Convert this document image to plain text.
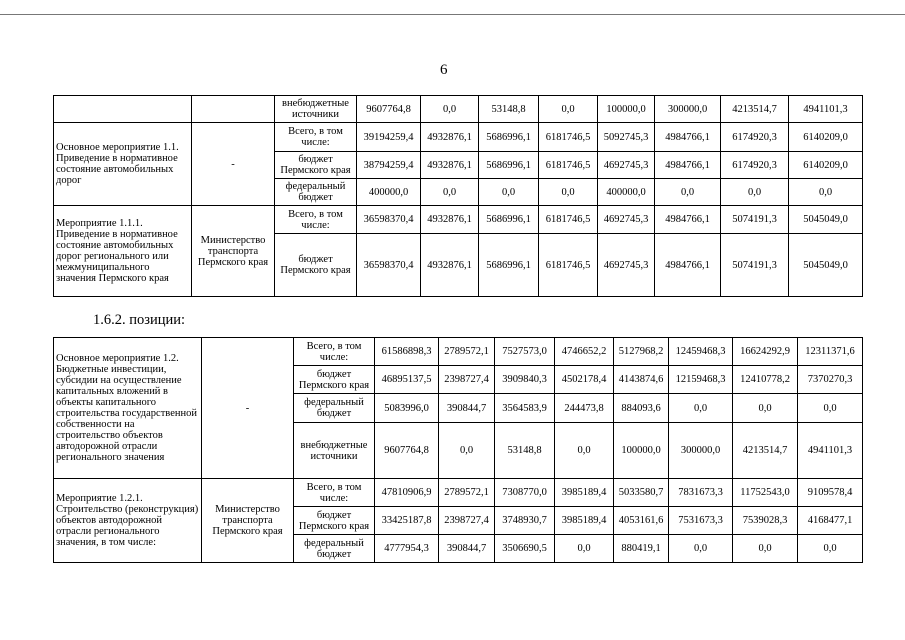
6
		внебюджетные источники	9607764,8	0,0	53148,8	0,0	100000,0	300000,0	4213514,7	4941101,3
Основное мероприятие 1.1. Приведение в нормативное состояние автомобильных дорог	-	Всего, в том числе:	39194259,4	4932876,1	5686996,1	6181746,5	5092745,3	4984766,1	6174920,3	6140209,0
		бюджет Пермского края	38794259,4	4932876,1	5686996,1	6181746,5	4692745,3	4984766,1	6174920,3	6140209,0
		федеральный бюджет	400000,0	0,0	0,0	0,0	400000,0	0,0	0,0	0,0
Мероприятие 1.1.1. Приведение в нормативное состояние автомобильных дорог регионального или межмуниципального значения Пермского края	Министерство транспорта Пермского края	Всего, в том числе:	36598370,4	4932876,1	5686996,1	6181746,5	4692745,3	4984766,1	5074191,3	5045049,0
		бюджет Пермского края	36598370,4	4932876,1	5686996,1	6181746,5	4692745,3	4984766,1	5074191,3	5045049,0
1.6.2. позиции:
Основное мероприятие 1.2. Бюджетные инвестиции, субсидии на осуществление капитальных вложений в объекты капитального строительства государственной собственности на строительство объектов автодорожной отрасли регионального значения	-	Всего, в том числе:	61586898,3	2789572,1	7527573,0	4746652,2	5127968,2	12459468,3	16624292,9	12311371,6
		бюджет Пермского края	46895137,5	2398727,4	3909840,3	4502178,4	4143874,6	12159468,3	12410778,2	7370270,3
		федеральный бюджет	5083996,0	390844,7	3564583,9	244473,8	884093,6	0,0	0,0	0,0
		внебюджетные источники	9607764,8	0,0	53148,8	0,0	100000,0	300000,0	4213514,7	4941101,3
Мероприятие 1.2.1. Строительство (реконструкция) объектов автодорожной отрасли регионального значения, в том числе:	Министерство транспорта Пермского края	Всего, в том числе:	47810906,9	2789572,1	7308770,0	3985189,4	5033580,7	7831673,3	11752543,0	9109578,4
		бюджет Пермского края	33425187,8	2398727,4	3748930,7	3985189,4	4053161,6	7531673,3	7539028,3	4168477,1
		федеральный бюджет	4777954,3	390844,7	3506690,5	0,0	880419,1	0,0	0,0	0,0
